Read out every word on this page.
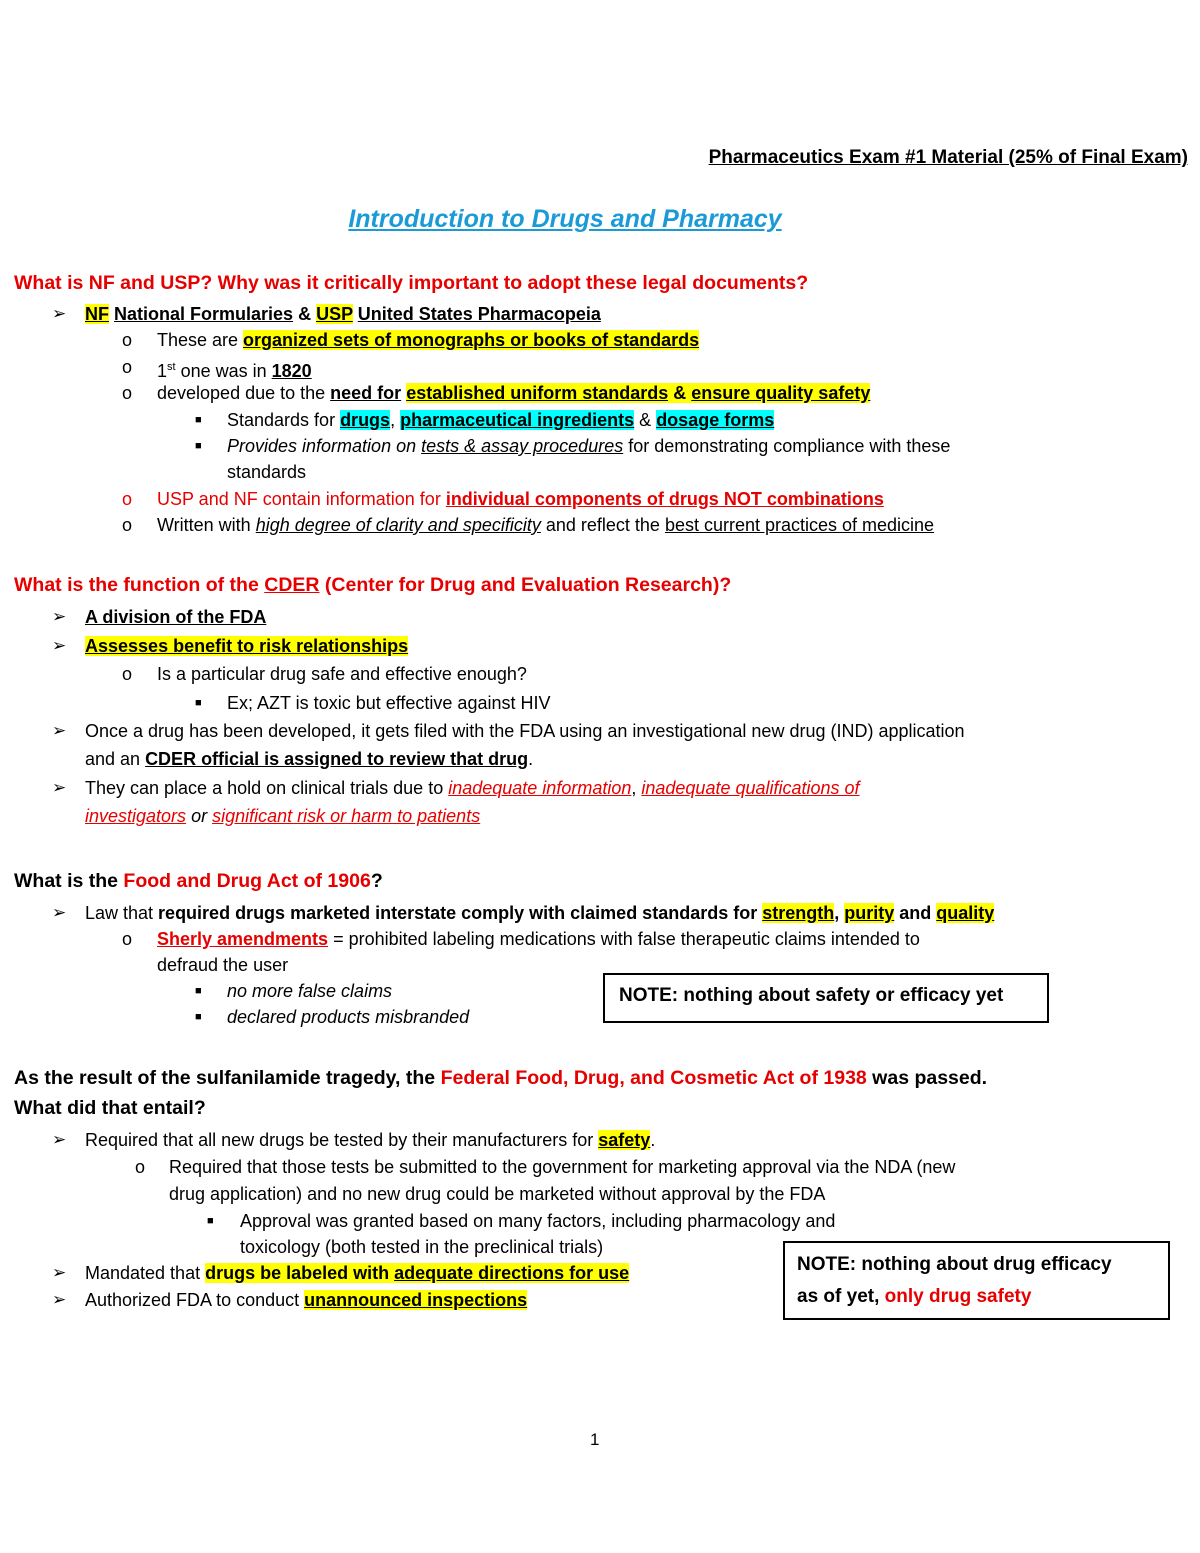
Pharmaceutics Exam #1 Material (25% of Final Exam)
Introduction to Drugs and Pharmacy
What is NF and USP? Why was it critically important to adopt these legal documents?
➢ NF National Formularies & USP United States Pharmacopeia
o These are organized sets of monographs or books of standards
o 1st one was in 1820
o developed due to the need for established uniform standards & ensure quality safety
■ Standards for drugs, pharmaceutical ingredients & dosage forms
■ Provides information on tests & assay procedures for demonstrating compliance with these
standards
o USP and NF contain information for individual components of drugs NOT combinations
o Written with high degree of clarity and specificity and reflect the best current practices of medicine
What is the function of the CDER (Center for Drug and Evaluation Research)?
➢ A division of the FDA
➢ Assesses benefit to risk relationships
o Is a particular drug safe and effective enough?
■ Ex; AZT is toxic but effective against HIV
➢ Once a drug has been developed, it gets filed with the FDA using an investigational new drug (IND) application
and an CDER official is assigned to review that drug.
➢ They can place a hold on clinical trials due to inadequate information, inadequate qualifications of
investigators or significant risk or harm to patients
What is the Food and Drug Act of 1906?
➢ Law that required drugs marketed interstate comply with claimed standards for strength, purity and quality
o Sherly amendments = prohibited labeling medications with false therapeutic claims intended to
defraud the user
■ no more false claims
■ declared products misbranded
NOTE: nothing about safety or efficacy yet
As the result of the sulfanilamide tragedy, the Federal Food, Drug, and Cosmetic Act of 1938 was passed.
What did that entail?
➢ Required that all new drugs be tested by their manufacturers for safety.
o Required that those tests be submitted to the government for marketing approval via the NDA (new
drug application) and no new drug could be marketed without approval by the FDA
■ Approval was granted based on many factors, including pharmacology and
toxicology (both tested in the preclinical trials)
➢ Mandated that drugs be labeled with adequate directions for use
➢ Authorized FDA to conduct unannounced inspections
NOTE: nothing about drug efficacy
as of yet, only drug safety
1
